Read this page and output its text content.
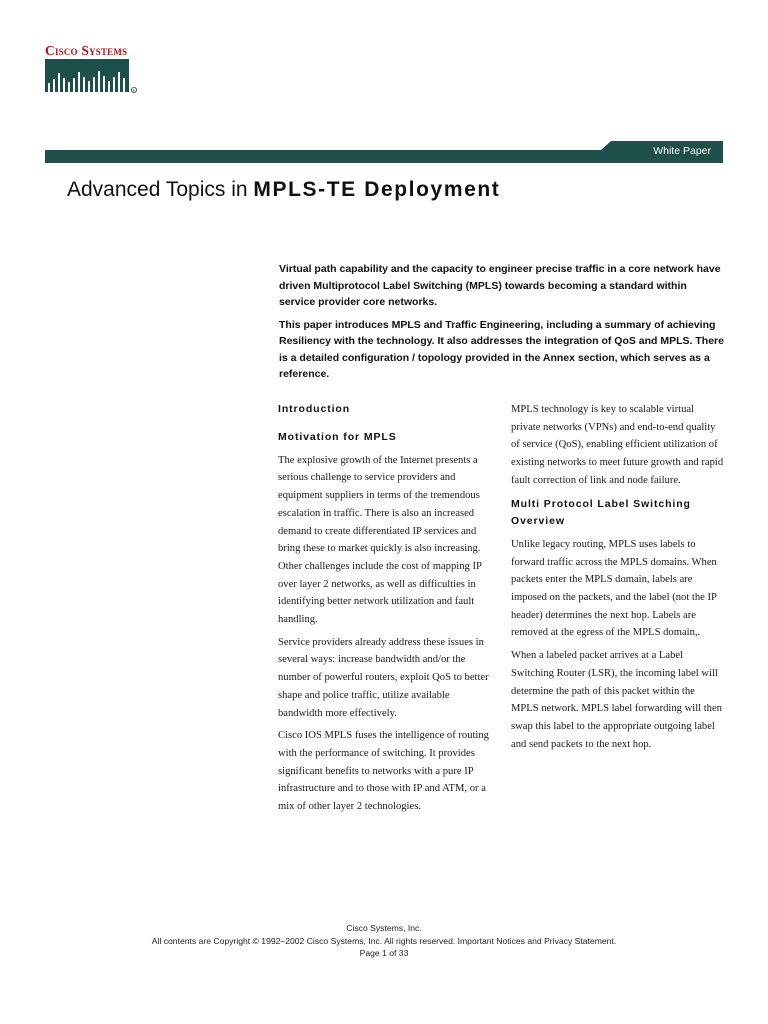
Cisco Systems
R
White Paper
Advanced Topics in MPLS-TE Deployment

Virtual path capability and the capacity to engineer precise traffic in a core network have driven Multiprotocol Label Switching (MPLS) towards becoming a standard within service provider core networks.

This paper introduces MPLS and Traffic Engineering, including a summary of achieving Resiliency with the technology. It also addresses the integration of QoS and MPLS. There is a detailed configuration / topology provided in the Annex section, which serves as a reference.

Introduction
Motivation for MPLS

The explosive growth of the Internet presents a serious challenge to service providers and equipment suppliers in terms of the tremendous escalation in traffic. There is also an increased demand to create differentiated IP services and bring these to market quickly is also increasing. Other challenges include the cost of mapping IP over layer 2 networks, as well as difficulties in identifying better network utilization and fault handling.

Service providers already address these issues in several ways: increase bandwidth and/or the number of powerful routers, exploit QoS to better shape and police traffic, utilize available bandwidth more effectively.

Cisco IOS MPLS fuses the intelligence of routing with the performance of switching. It provides significant benefits to networks with a pure IP infrastructure and to those with IP and ATM, or a mix of other layer 2 technologies.

MPLS technology is key to scalable virtual private networks (VPNs) and end-to-end quality of service (QoS), enabling efficient utilization of existing networks to meet future growth and rapid fault correction of link and node failure.

Multi Protocol Label Switching Overview

Unlike legacy routing, MPLS uses labels to forward traffic across the MPLS domains. When packets enter the MPLS domain, labels are imposed on the packets, and the label (not the IP header) determines the next hop. Labels are removed at the egress of the MPLS domain,.

When a labeled packet arrives at a Label Switching Router (LSR), the incoming label will determine the path of this packet within the MPLS network. MPLS label forwarding will then swap this label to the appropriate outgoing label and send packets to the next hop.

Cisco Systems, Inc.
All contents are Copyright © 1992–2002 Cisco Systems, Inc. All rights reserved. Important Notices and Privacy Statement.
Page 1 of 33
